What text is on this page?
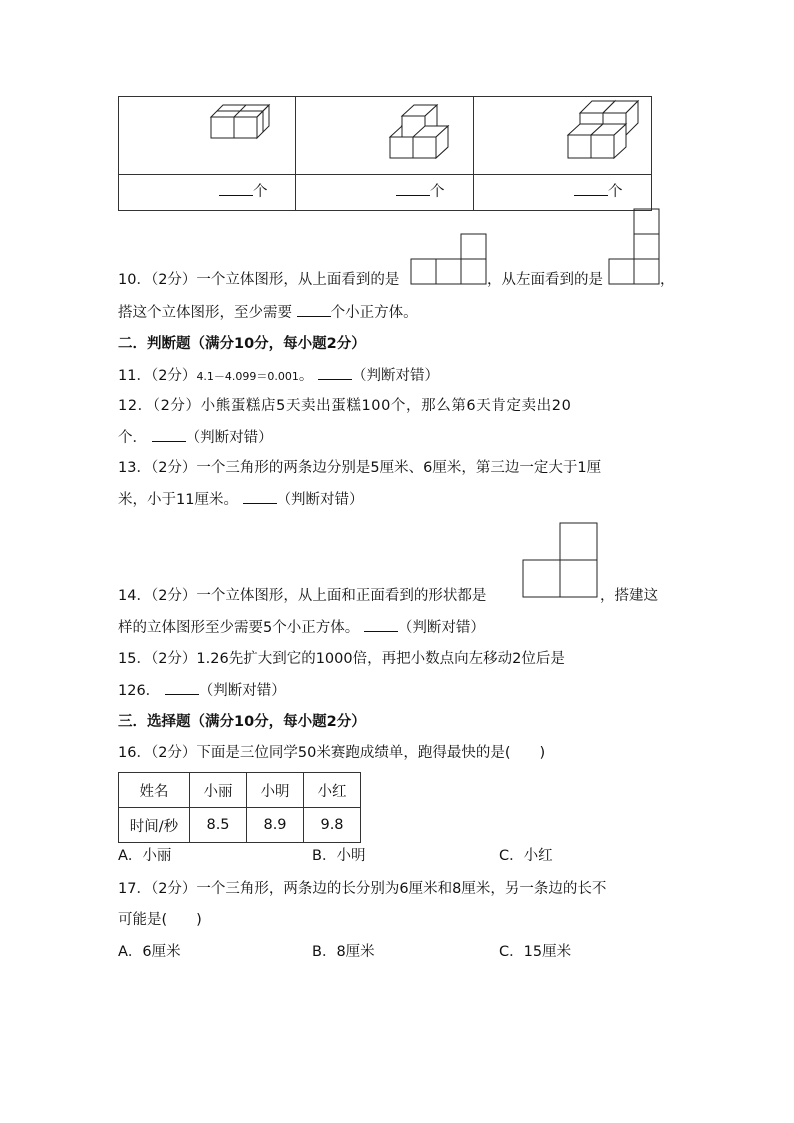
个	个	个
10．（2分）一个立体图形，从上面看到的是	，从左面看到的是	，
搭这个立体图形，至少需要	个小正方体。
二．判断题（满分10分，每小题2分）
11．（2分）4.1－4.099＝0.001。	（判断对错）
12．（2分）小熊蛋糕店5天卖出蛋糕100个，那么第6天肯定卖出20
个．	（判断对错）
13．（2分）一个三角形的两条边分别是5厘米、6厘米，第三边一定大于1厘
米，小于11厘米。	（判断对错）
14．（2分）一个立体图形，从上面和正面看到的形状都是	，搭建这
样的立体图形至少需要5个小正方体。	（判断对错）
15．（2分）1.26先扩大到它的1000倍，再把小数点向左移动2位后是
126．	（判断对错）
三．选择题（满分10分，每小题2分）
16．（2分）下面是三位同学50米赛跑成绩单，跑得最快的是(　　)
姓名	小丽	小明	小红
时间/秒	8.5	8.9	9.8
A．小丽	B．小明	C．小红
17．（2分）一个三角形，两条边的长分别为6厘米和8厘米，另一条边的长不
可能是(　　)
A．6厘米	B．8厘米	C．15厘米
